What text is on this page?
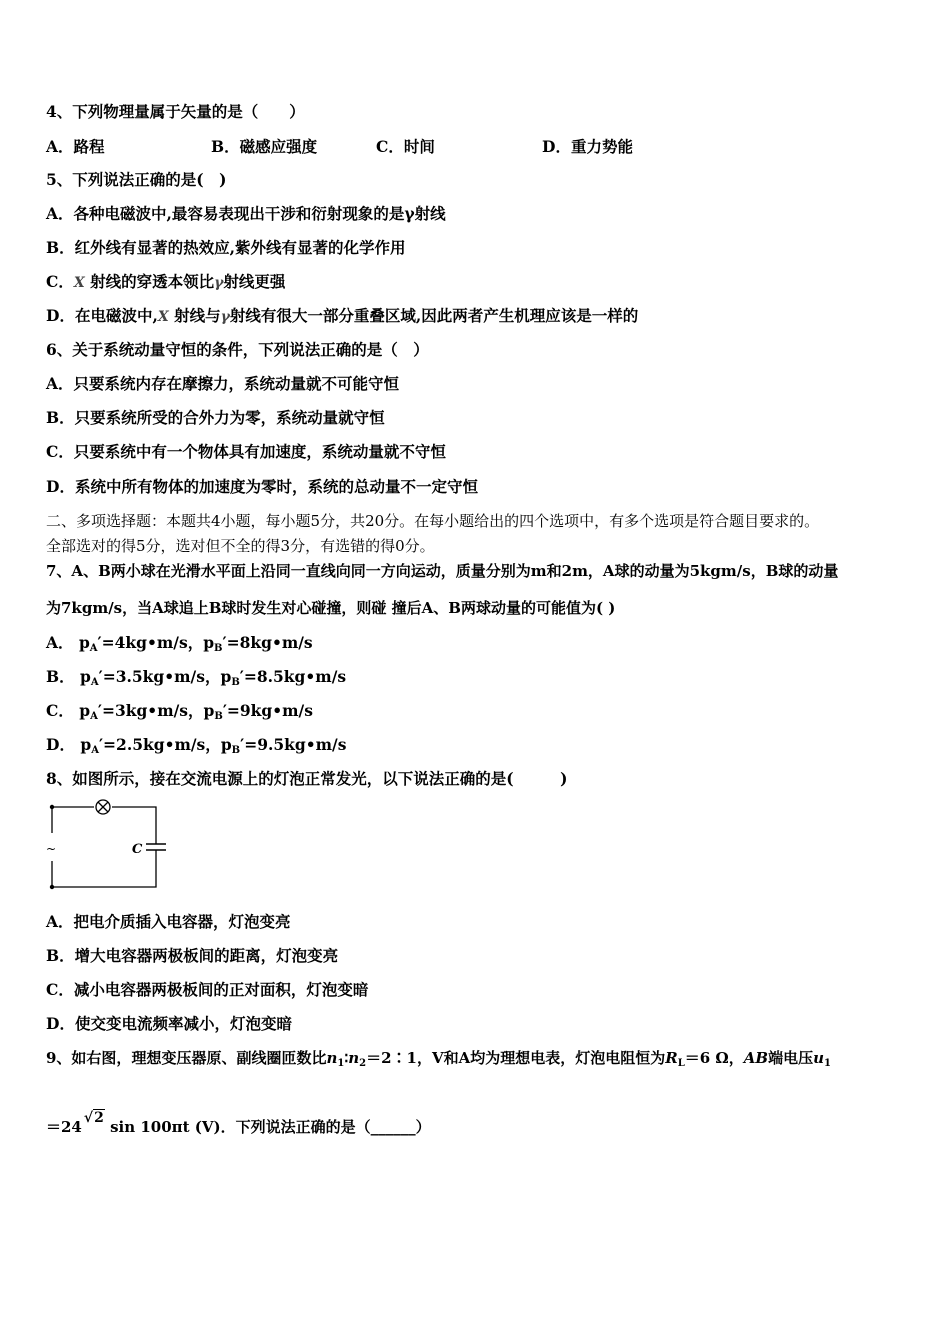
4、下列物理量属于矢量的是（　　）
A．路程	B．磁感应强度	C．时间	D．重力势能
5、下列说法正确的是(　)
A．各种电磁波中,最容易表现出干涉和衍射现象的是γ射线
B．红外线有显著的热效应,紫外线有显著的化学作用
C．X 射线的穿透本领比γ射线更强
D．在电磁波中,X 射线与γ射线有很大一部分重叠区域,因此两者产生机理应该是一样的
6、关于系统动量守恒的条件，下列说法正确的是（　）
A．只要系统内存在摩擦力，系统动量就不可能守恒
B．只要系统所受的合外力为零，系统动量就守恒
C．只要系统中有一个物体具有加速度，系统动量就不守恒
D．系统中所有物体的加速度为零时，系统的总动量不一定守恒
二、多项选择题：本题共4小题，每小题5分，共20分。在每小题给出的四个选项中，有多个选项是符合题目要求的。
全部选对的得5分，选对但不全的得3分，有选错的得0分。
7、A、B两小球在光滑水平面上沿同一直线向同一方向运动，质量分别为m和2m，A球的动量为5kgm/s，B球的动量
为7kgm/s，当A球追上B球时发生对心碰撞，则碰 撞后A、B两球动量的可能值为( )
A． $p_A'=4kg•m/s$，$p_B'=8kg•m/s$
B． $p_A'=3.5kg•m/s$，$p_B'=8.5kg•m/s$
C． $p_A'=3kg•m/s$，$p_B'=9kg•m/s$
D． $p_A'=2.5kg•m/s$，$p_B'=9.5kg•m/s$
8、如图所示，接在交流电源上的灯泡正常发光，以下说法正确的是(　　　)
~	C
A．把电介质插入电容器，灯泡变亮
B．增大电容器两极板间的距离，灯泡变亮
C．减小电容器两极板间的正对面积，灯泡变暗
D．使交变电流频率减小，灯泡变暗
9、如右图，理想变压器原、副线圈匝数比$n_1∶n_2=2∶1$，V和A均为理想电表，灯泡电阻恒为$R_L=6$ Ω，AB端电压$u_1$
＝24 √2 sin 100πt (V)．下列说法正确的是（______）
